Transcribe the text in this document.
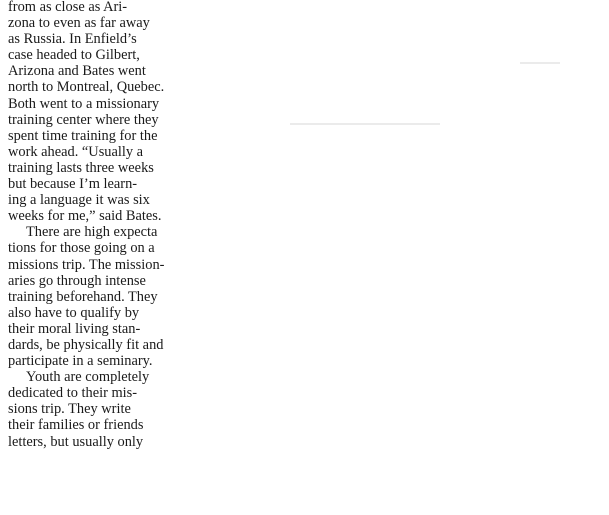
from as close as Ari-
zona to even as far away
as Russia. In Enfield’s
case headed to Gilbert,
Arizona and Bates went
north to Montreal, Quebec.
Both went to a missionary
training center where they
spent time training for the
work ahead. “Usually a
training lasts three weeks
but because I’m learn-
ing a language it was six
weeks for me,” said Bates.
There are high expecta
tions for those going on a
missions trip. The mission-
aries go through intense
training beforehand. They
also have to qualify by
their moral living stan-
dards, be physically fit and
participate in a seminary.
Youth are completely
dedicated to their mis-
sions trip. They write
their families or friends
letters, but usually only
